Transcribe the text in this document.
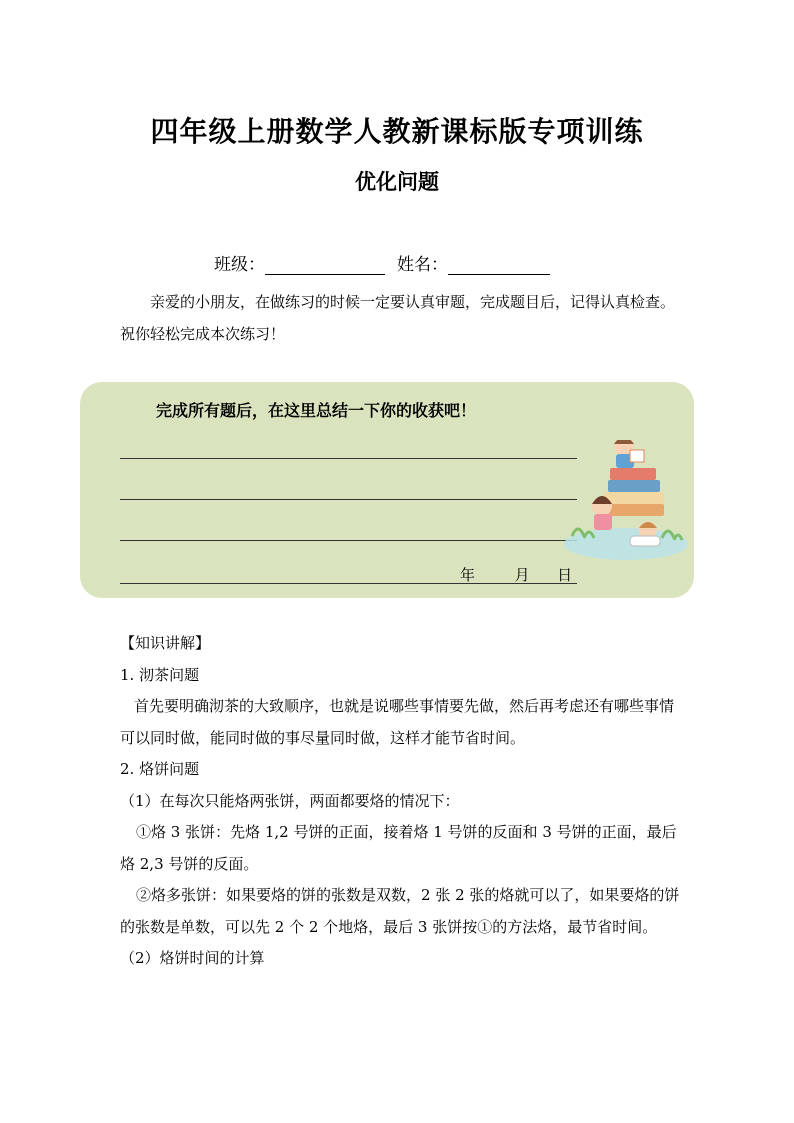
四年级上册数学人教新课标版专项训练
优化问题
班级：	姓名：
亲爱的小朋友，在做练习的时候一定要认真审题，完成题目后，记得认真检查。祝你轻松完成本次练习！
完成所有题后，在这里总结一下你的收获吧！
年	月 日

【知识讲解】

1. 沏茶问题

首先要明确沏茶的大致顺序，也就是说哪些事情要先做，然后再考虑还有哪些事情可以同时做，能同时做的事尽量同时做，这样才能节省时间。

2. 烙饼问题

（1）在每次只能烙两张饼，两面都要烙的情况下：

①烙 3 张饼：先烙 1,2 号饼的正面，接着烙 1 号饼的反面和 3 号饼的正面，最后烙 2,3 号饼的反面。

②烙多张饼：如果要烙的饼的张数是双数，2 张 2 张的烙就可以了，如果要烙的饼的张数是单数，可以先 2 个 2 个地烙，最后 3 张饼按①的方法烙，最节省时间。

（2）烙饼时间的计算
